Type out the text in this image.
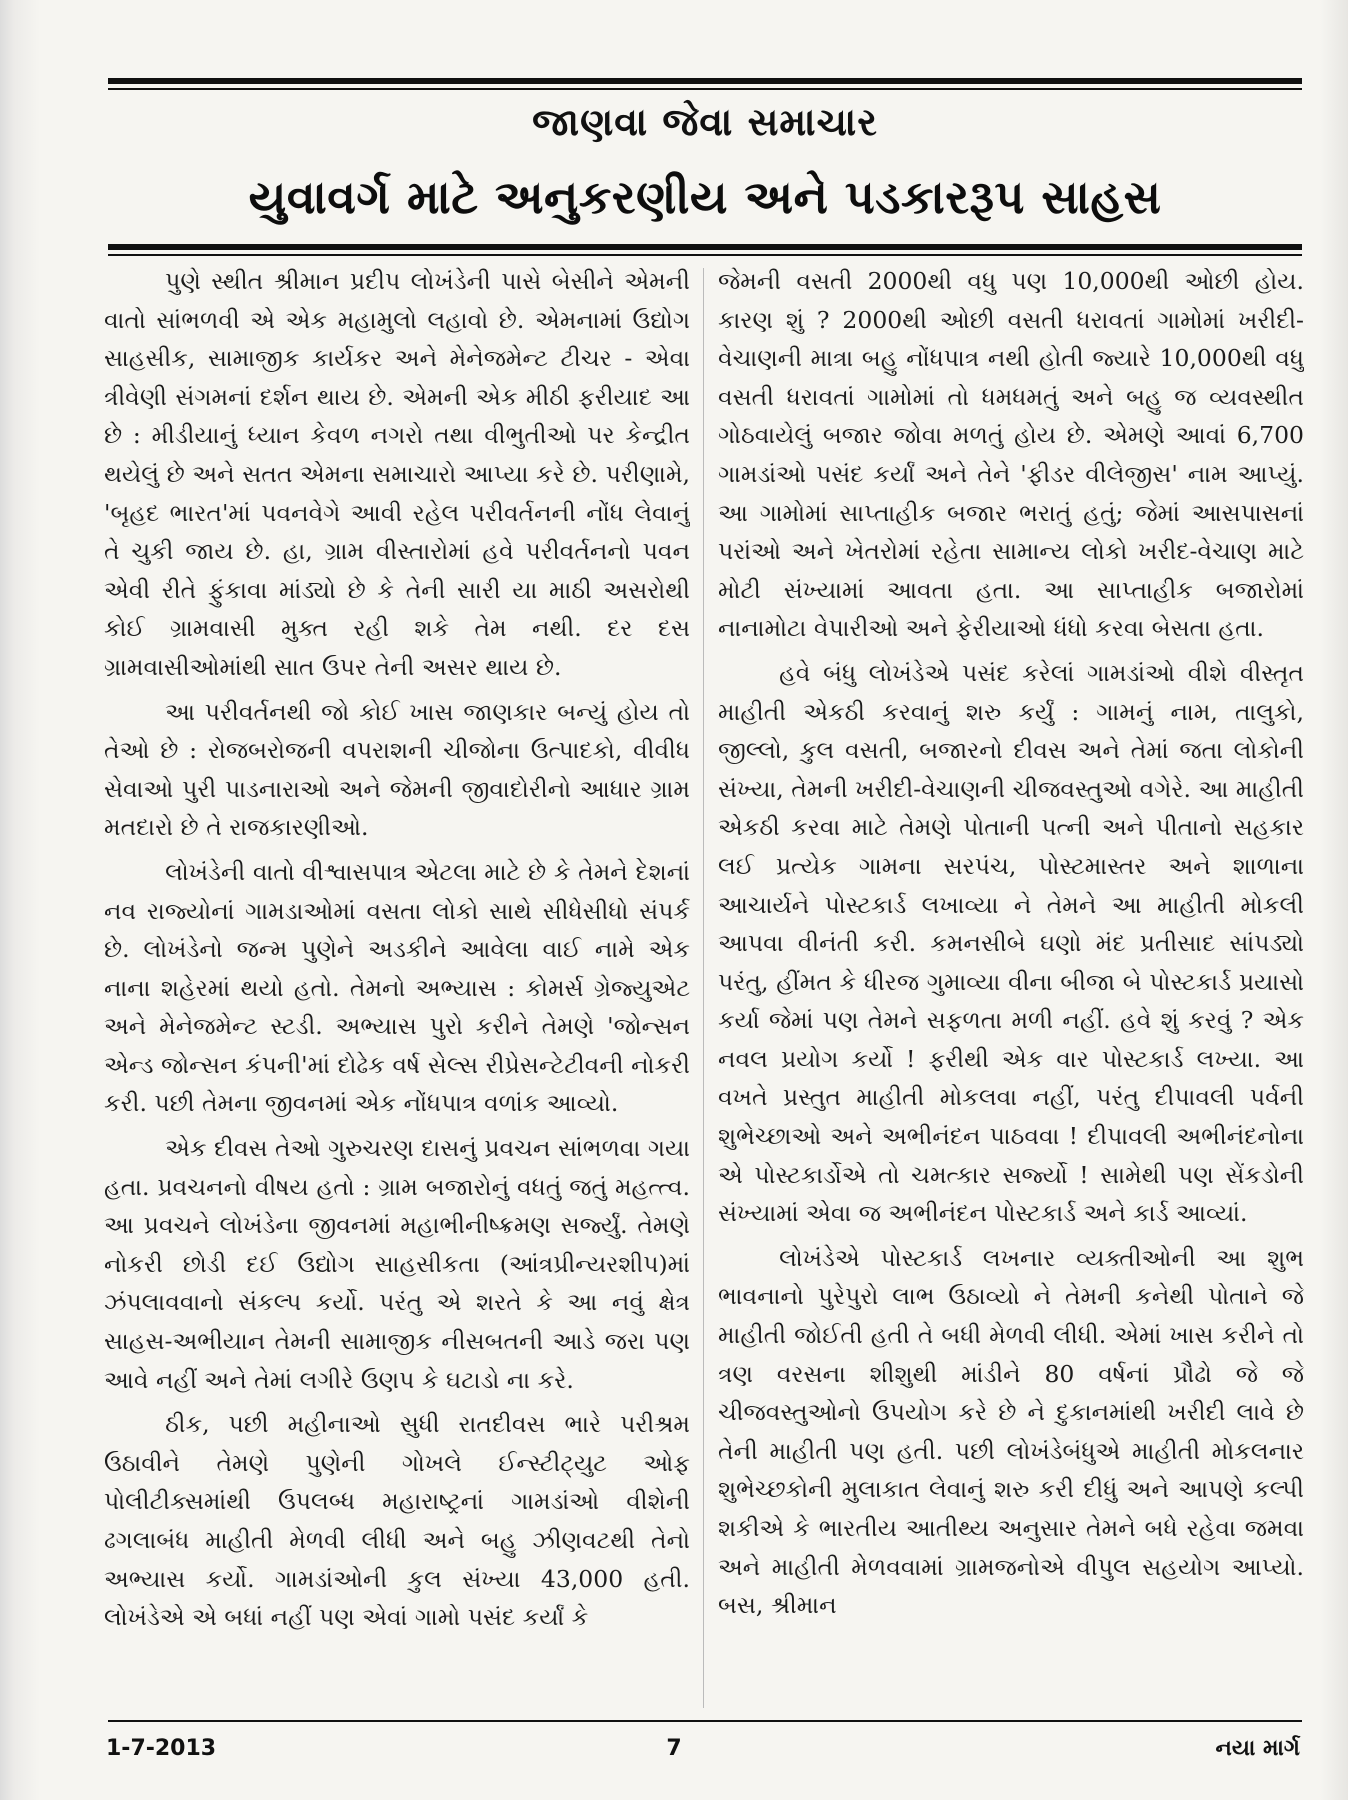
જાણવા જેવા સમાચાર
યુવાવર્ગ માટે અનુકરણીય અને પડકારરૂપ સાહસ

પુણે સ્થીત શ્રીમાન પ્રદીપ લોખંડેની પાસે બેસીને એમની વાતો સાંભળવી એ એક મહામુલો લહાવો છે. એમનામાં ઉદ્યોગ સાહસીક, સામાજીક કાર્યકર અને મેનેજમેન્ટ ટીચર - એવા ત્રીવેણી સંગમનાં દર્શન થાય છે. એમની એક મીઠી ફરીયાદ આ છે : મીડીયાનું ધ્યાન કેવળ નગરો તથા વીભુતીઓ પર કેન્દ્રીત થયેલું છે અને સતત એમના સમાચારો આપ્યા કરે છે. પરીણામે, 'બૃહદ ભારત'માં પવનવેગે આવી રહેલ પરીવર્તનની નોંધ લેવાનું તે ચુકી જાય છે. હા, ગ્રામ વીસ્તારોમાં હવે પરીવર્તનનો પવન એવી રીતે ફુંકાવા માંડ્યો છે કે તેની સારી યા માઠી અસરોથી કોઈ ગ્રામવાસી મુક્ત રહી શકે તેમ નથી. દર દસ ગ્રામવાસીઓમાંથી સાત ઉપર તેની અસર થાય છે.

આ પરીવર્તનથી જો કોઈ ખાસ જાણકાર બન્યું હોય તો તેઓ છે : રોજબરોજની વપરાશની ચીજોના ઉત્પાદકો, વીવીધ સેવાઓ પુરી પાડનારાઓ અને જેમની જીવાદોરીનો આધાર ગ્રામ મતદારો છે તે રાજકારણીઓ.

લોખંડેની વાતો વીશ્વાસપાત્ર એટલા માટે છે કે તેમને દેશનાં નવ રાજ્યોનાં ગામડાઓમાં વસતા લોકો સાથે સીધેસીધો સંપર્ક છે. લોખંડેનો જન્મ પુણેને અડકીને આવેલા વાઈ નામે એક નાના શહેરમાં થયો હતો. તેમનો અભ્યાસ : કોમર્સ ગ્રેજ્યુએટ અને મેનેજમેન્ટ સ્ટડી. અભ્યાસ પુરો કરીને તેમણે 'જોન્સન એન્ડ જોન્સન કંપની'માં દોઢેક વર્ષ સેલ્સ રીપ્રેસન્ટેટીવની નોકરી કરી. પછી તેમના જીવનમાં એક નોંધપાત્ર વળાંક આવ્યો.

એક દીવસ તેઓ ગુરુચરણ દાસનું પ્રવચન સાંભળવા ગયા હતા. પ્રવચનનો વીષય હતો : ગ્રામ બજારોનું વધતું જતું મહત્ત્વ. આ પ્રવચને લોખંડેના જીવનમાં મહાભીનીષ્ક્રમણ સર્જ્યું. તેમણે નોકરી છોડી દઈ ઉદ્યોગ સાહસીકતા (આંત્રપ્રીન્યરશીપ)માં ઝંપલાવવાનો સંકલ્પ કર્યો. પરંતુ એ શરતે કે આ નવું ક્ષેત્ર સાહસ-અભીયાન તેમની સામાજીક નીસબતની આડે જરા પણ આવે નહીં અને તેમાં લગીરે ઉણપ કે ઘટાડો ના કરે.

ઠીક, પછી મહીનાઓ સુધી રાતદીવસ ભારે પરીશ્રમ ઉઠાવીને તેમણે પુણેની ગોખલે ઈન્સ્ટીટ્યુટ ઓફ પોલીટીક્સમાંથી ઉપલબ્ધ મહારાષ્ટ્રનાં ગામડાંઓ વીશેની ઢગલાબંધ માહીતી મેળવી લીધી અને બહુ ઝીણવટથી તેનો અભ્યાસ કર્યો. ગામડાંઓની કુલ સંખ્યા 43,000 હતી. લોખંડેએ એ બધાં નહીં પણ એવાં ગામો પસંદ કર્યાં કે

જેમની વસતી 2000થી વધુ પણ 10,000થી ઓછી હોય. કારણ શું ? 2000થી ઓછી વસતી ધરાવતાં ગામોમાં ખરીદી- વેચાણની માત્રા બહુ નોંધપાત્ર નથી હોતી જ્યારે 10,000થી વધુ વસતી ધરાવતાં ગામોમાં તો ધમધમતું અને બહુ જ વ્યવસ્થીત ગોઠવાયેલું બજાર જોવા મળતું હોય છે. એમણે આવાં 6,700 ગામડાંઓ પસંદ કર્યાં અને તેને 'ફીડર વીલેજીસ' નામ આપ્યું. આ ગામોમાં સાપ્તાહીક બજાર ભરાતું હતું; જેમાં આસપાસનાં પરાંઓ અને ખેતરોમાં રહેતા સામાન્ય લોકો ખરીદ-વેચાણ માટે મોટી સંખ્યામાં આવતા હતા. આ સાપ્તાહીક બજારોમાં નાનામોટા વેપારીઓ અને ફેરીયાઓ ધંધો કરવા બેસતા હતા.

હવે બંધુ લોખંડેએ પસંદ કરેલાં ગામડાંઓ વીશે વીસ્તૃત માહીતી એકઠી કરવાનું શરુ કર્યું : ગામનું નામ, તાલુકો, જીલ્લો, કુલ વસતી, બજારનો દીવસ અને તેમાં જતા લોકોની સંખ્યા, તેમની ખરીદી-વેચાણની ચીજવસ્તુઓ વગેરે. આ માહીતી એકઠી કરવા માટે તેમણે પોતાની પત્ની અને પીતાનો સહકાર લઈ પ્રત્યેક ગામના સરપંચ, પોસ્ટમાસ્તર અને શાળાના આચાર્યને પોસ્ટકાર્ડ લખાવ્યા ને તેમને આ માહીતી મોકલી આપવા વીનંતી કરી. કમનસીબે ઘણો મંદ પ્રતીસાદ સાંપડ્યો પરંતુ, હીંમત કે ધીરજ ગુમાવ્યા વીના બીજા બે પોસ્ટકાર્ડ પ્રયાસો કર્યા જેમાં પણ તેમને સફળતા મળી નહીં. હવે શું કરવું ? એક નવલ પ્રયોગ કર્યો ! ફરીથી એક વાર પોસ્ટકાર્ડ લખ્યા. આ વખતે પ્રસ્તુત માહીતી મોકલવા નહીં, પરંતુ દીપાવલી પર્વની શુભેચ્છાઓ અને અભીનંદન પાઠવવા ! દીપાવલી અભીનંદનોના એ પોસ્ટકાર્ડોએ તો ચમત્કાર સર્જ્યો ! સામેથી પણ સેંકડોની સંખ્યામાં એવા જ અભીનંદન પોસ્ટકાર્ડ અને કાર્ડ આવ્યાં.

લોખંડેએ પોસ્ટકાર્ડ લખનાર વ્યક્તીઓની આ શુભ ભાવનાનો પુરેપુરો લાભ ઉઠાવ્યો ને તેમની કનેથી પોતાને જે માહીતી જોઈતી હતી તે બધી મેળવી લીધી. એમાં ખાસ કરીને તો ત્રણ વરસના શીશુથી માંડીને 80 વર્ષનાં પ્રૌઢો જે જે ચીજવસ્તુઓનો ઉપયોગ કરે છે ને દુકાનમાંથી ખરીદી લાવે છે તેની માહીતી પણ હતી. પછી લોખંડેબંધુએ માહીતી મોકલનાર શુભેચ્છકોની મુલાકાત લેવાનું શરુ કરી દીધું અને આપણે કલ્પી શકીએ કે ભારતીય આતીથ્ય અનુસાર તેમને બધે રહેવા જમવા અને માહીતી મેળવવામાં ગ્રામજનોએ વીપુલ સહયોગ આપ્યો. બસ, શ્રીમાન

1-7-2013	7	નયા માર્ગ
